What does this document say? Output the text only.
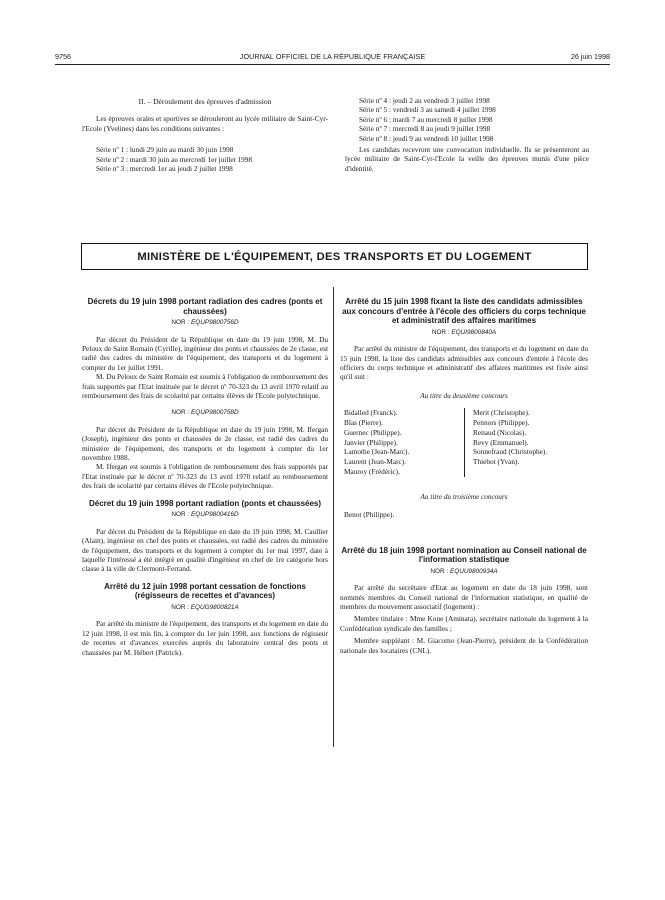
9756	JOURNAL OFFICIEL DE LA RÉPUBLIQUE FRANÇAISE	26 juin 1998
II. – Déroulement des épreuves d'admission

Les épreuves orales et sportives se dérouleront au lycée militaire de Saint-Cyr-l'Ecole (Yvelines) dans les conditions suivantes :

Série nº 1 : lundi 29 juin au mardi 30 juin 1998
Série nº 2 : mardi 30 juin au mercredi 1er juillet 1998
Série nº 3 : mercredi 1er au jeudi 2 juillet 1998
Série nº 4 : jeudi 2 au vendredi 3 juillet 1998
Série nº 5 : vendredi 3 au samedi 4 juillet 1998
Série nº 6 : mardi 7 au mercredi 8 juillet 1998
Série nº 7 : mercredi 8 au jeudi 9 juillet 1998
Série nº 8 : jeudi 9 au vendredi 10 juillet 1998

Les candidats recevront une convocation individuelle. Ils se présenteront au lycée militaire de Saint-Cyr-l'Ecole la veille des épreuves munis d'une pièce d'identité.

MINISTÈRE DE L'ÉQUIPEMENT, DES TRANSPORTS ET DU LOGEMENT
Décrets du 19 juin 1998 portant radiation des cadres (ponts et chaussées)
NOR : EQUP9800756D

Par décret du Président de la République en date du 19 juin 1998, M. Du Peloux de Saint Romain (Cyrille), ingénieur des ponts et chaussées de 2e classe, est radié des cadres du ministère de l'équipement, des transports et du logement à compter du 1er juillet 1991.

M. Du Peloux de Saint Romain est soumis à l'obligation de remboursement des frais supportés par l'Etat instituée par le décret nº 70-323 du 13 avril 1970 relatif au remboursement des frais de scolarité par certains élèves de l'Ecole polytechnique.

NOR : EQUP9800758D

Par décret du Président de la République en date du 19 juin 1998, M. Ifergan (Joseph), ingénieur des ponts et chaussées de 2e classe, est radié des cadres du ministère de l'équipement, des transports et du logement à compter du 1er novembre 1988.

M. Ifergan est soumis à l'obligation de remboursement des frais supportés par l'Etat instituée par le décret nº 70-323 du 13 avril 1970 relatif au remboursement des frais de scolarité par certains élèves de l'Ecole polytechnique.

Décret du 19 juin 1998 portant radiation (ponts et chaussées)
NOR : EQUP9800416D

Par décret du Président de la République en date du 19 juin 1998, M. Caullier (Alain), ingénieur en chef des ponts et chaussées, est radié des cadres du ministère de l'équipement, des transports et du logement à compter du 1er mai 1997, date à laquelle l'intéressé a été intégré en qualité d'ingénieur en chef de 1re catégorie hors classe à la ville de Clermont-Ferrand.

Arrêté du 12 juin 1998 portant cessation de fonctions (régisseurs de recettes et d'avances)
NOR : EQUG9800821A

Par arrêté du ministre de l'équipement, des transports et du logement en date du 12 juin 1998, il est mis fin, à compter du 1er juin 1998, aux fonctions de régisseur de recettes et d'avances exercées auprès du laboratoire central des ponts et chaussées par M. Hébert (Patrick).

Arrêté du 15 juin 1998 fixant la liste des candidats admissibles aux concours d'entrée à l'école des officiers du corps technique et administratif des affaires maritimes
NOR : EQUI9800840A

Par arrêté du ministre de l'équipement, des transports et du logement en date du 15 juin 1998, la liste des candidats admissibles aux concours d'entrée à l'école des officiers du corps technique et administratif des affaires maritimes est fixée ainsi qu'il suit :

Au titre du deuxième concours
Bidalled (Franck).
Blas (Pierre).
Guernec (Philippe).
Janvier (Philippe).
Lamothe (Jean-Marc).
Laurent (Jean-Marc).
Mauroy (Frédéric).
Merit (Christophe).
Pennors (Philippe).
Renaud (Nicolas).
Revy (Emmanuel).
Sonnefraud (Christophe).
Thiebot (Yvan).
Au titre du troisième concours
Benot (Philippe).
Arrêté du 18 juin 1998 portant nomination au Conseil national de l'information statistique
NOR : EQUU9800934A

Par arrêté du secrétaire d'Etat au logement en date du 18 juin 1998, sont nommés membres du Conseil national de l'information statistique, en qualité de membres du mouvement associatif (logement) :

Membre titulaire : Mme Kone (Aminata), secrétaire nationale du logement à la Confédération syndicale des familles ;

Membre suppléant : M. Giacomo (Jean-Pierre), président de la Confédération nationale des locataires (CNL).
